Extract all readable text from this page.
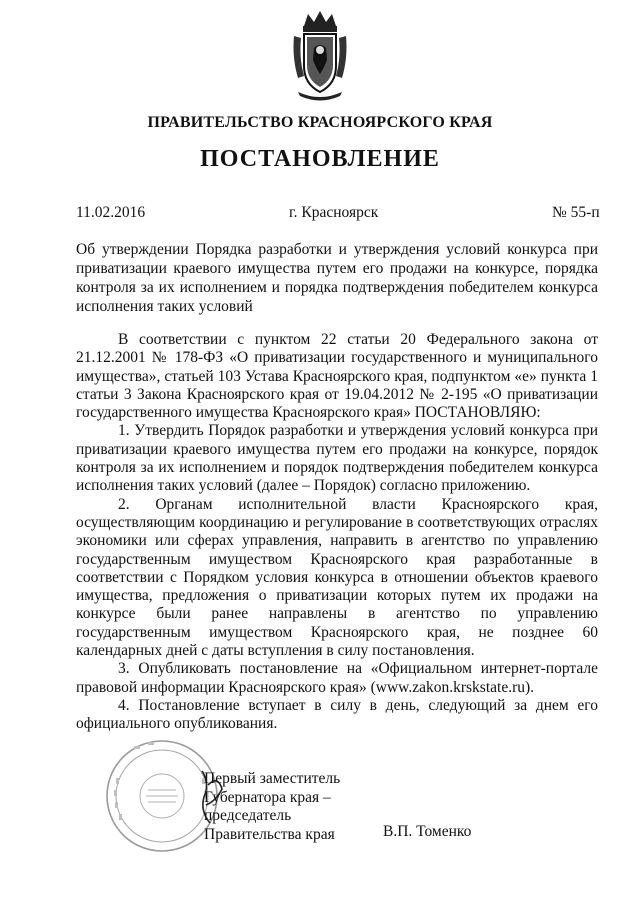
ПРАВИТЕЛЬСТВО КРАСНОЯРСКОГО КРАЯ
ПОСТАНОВЛЕНИЕ
11.02.2016	г. Красноярск	№ 55-п
Об утверждении Порядка разработки и утверждения условий конкурса при приватизации краевого имущества путем его продажи на конкурсе, порядка контроля за их исполнением и порядка подтверждения победителем конкурса исполнения таких условий

В соответствии с пунктом 22 статьи 20 Федерального закона от 21.12.2001 № 178-ФЗ «О приватизации государственного и муниципального имущества», статьей 103 Устава Красноярского края, подпунктом «е» пункта 1 статьи 3 Закона Красноярского края от 19.04.2012 № 2-195 «О приватизации государственного имущества Красноярского края» ПОСТАНОВЛЯЮ:

1. Утвердить Порядок разработки и утверждения условий конкурса при приватизации краевого имущества путем его продажи на конкурсе, порядок контроля за их исполнением и порядок подтверждения победителем конкурса исполнения таких условий (далее – Порядок) согласно приложению.

2. Органам исполнительной власти Красноярского края, осуществляющим координацию и регулирование в соответствующих отраслях экономики или сферах управления, направить в агентство по управлению государственным имуществом Красноярского края разработанные в соответствии с Порядком условия конкурса в отношении объектов краевого имущества, предложения о приватизации которых путем их продажи на конкурсе были ранее направлены в агентство по управлению государственным имуществом Красноярского края, не позднее 60 календарных дней с даты вступления в силу постановления.

3. Опубликовать постановление на «Официальном интернет-портале правовой информации Красноярского края» (www.zakon.krskstate.ru).

4. Постановление вступает в силу в день, следующий за днем его официального опубликования.

Первый заместитель
Губернатора края –
председатель
Правительства края	В.П. Томенко
